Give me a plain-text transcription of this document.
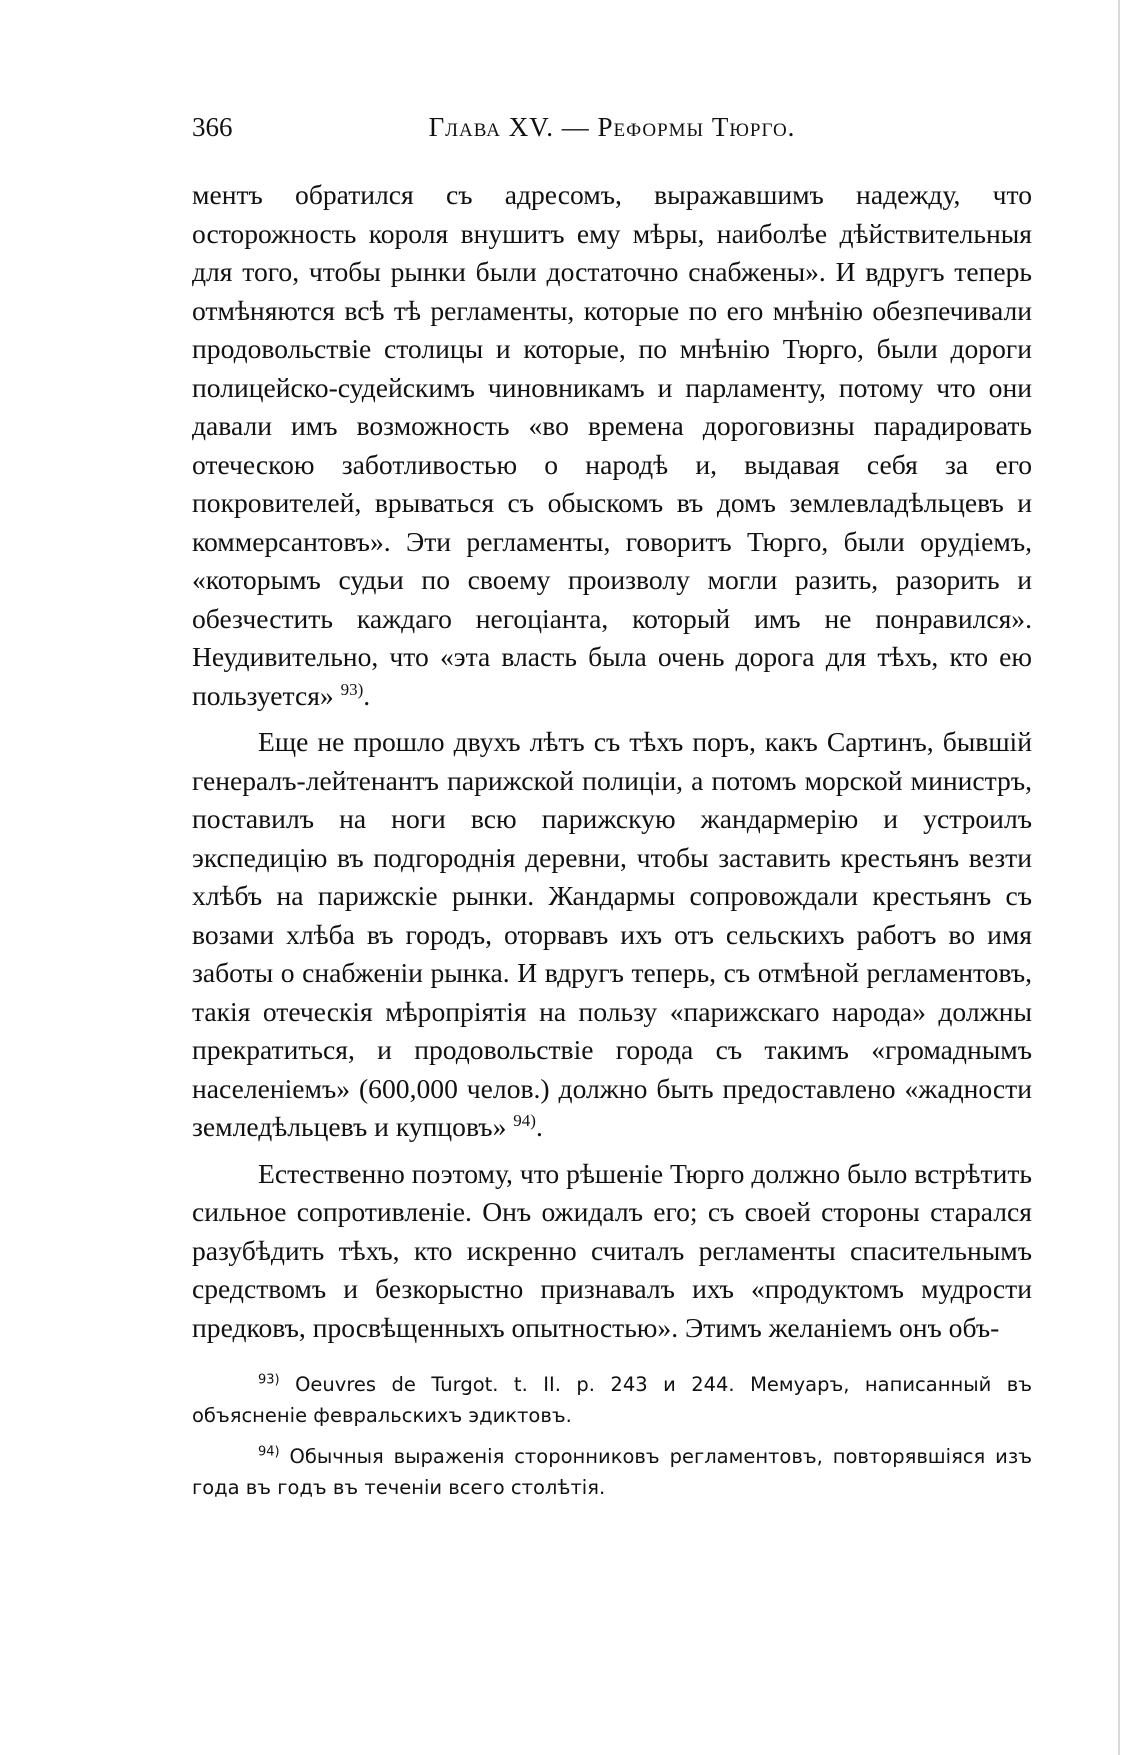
366	Глава XV. — Реформы Тюрго.

ментъ обратился съ адресомъ, выражавшимъ надежду, что осторожность короля внушитъ ему мѣры, наиболѣе дѣйствительныя для того, чтобы рынки были достаточно снабжены». И вдругъ теперь отмѣняются всѣ тѣ регламенты, которые по его мнѣнію обезпечивали продовольствіе столицы и которые, по мнѣнію Тюрго, были дороги полицейско-судейскимъ чиновникамъ и парламенту, потому что они давали имъ возможность «во времена дороговизны парадировать отеческою заботливостью о народѣ и, выдавая себя за его покровителей, врываться съ обыскомъ въ домъ землевладѣльцевъ и коммерсантовъ». Эти регламенты, говоритъ Тюрго, были орудіемъ, «которымъ судьи по своему произволу могли разить, разорить и обезчестить каждаго негоціанта, который имъ не понравился». Неудивительно, что «эта власть была очень дорога для тѣхъ, кто ею пользуется» $^{93)}$.

Еще не прошло двухъ лѣтъ съ тѣхъ поръ, какъ Сартинъ, бывшій генералъ-лейтенантъ парижской полиціи, а потомъ морской министръ, поставилъ на ноги всю парижскую жандармерію и устроилъ экспедицію въ подгороднія деревни, чтобы заставить крестьянъ везти хлѣбъ на парижскіе рынки. Жандармы сопровождали крестьянъ съ возами хлѣба въ городъ, оторвавъ ихъ отъ сельскихъ работъ во имя заботы о снабженіи рынка. И вдругъ теперь, съ отмѣной регламентовъ, такія отеческія мѣропріятія на пользу «парижскаго народа» должны прекратиться, и продовольствіе города съ такимъ «громаднымъ населеніемъ» (600,000 челов.) должно быть предоставлено «жадности земледѣльцевъ и купцовъ» $^{94)}$.

Естественно поэтому, что рѣшеніе Тюрго должно было встрѣтить сильное сопротивленіе. Онъ ожидалъ его; съ своей стороны старался разубѣдить тѣхъ, кто искренно считалъ регламенты спасительнымъ средствомъ и безкорыстно признавалъ ихъ «продуктомъ мудрости предковъ, просвѣщенныхъ опытностью». Этимъ желаніемъ онъ объ-

$^{93)}$ Oeuvres de Turgot. t. II. p. 243 и 244. Мемуаръ, написанный въ объясненіе февральскихъ эдиктовъ.

$^{94)}$ Обычныя выраженія сторонниковъ регламентовъ, повторявшіяся изъ года въ годъ въ теченіи всего столѣтія.
